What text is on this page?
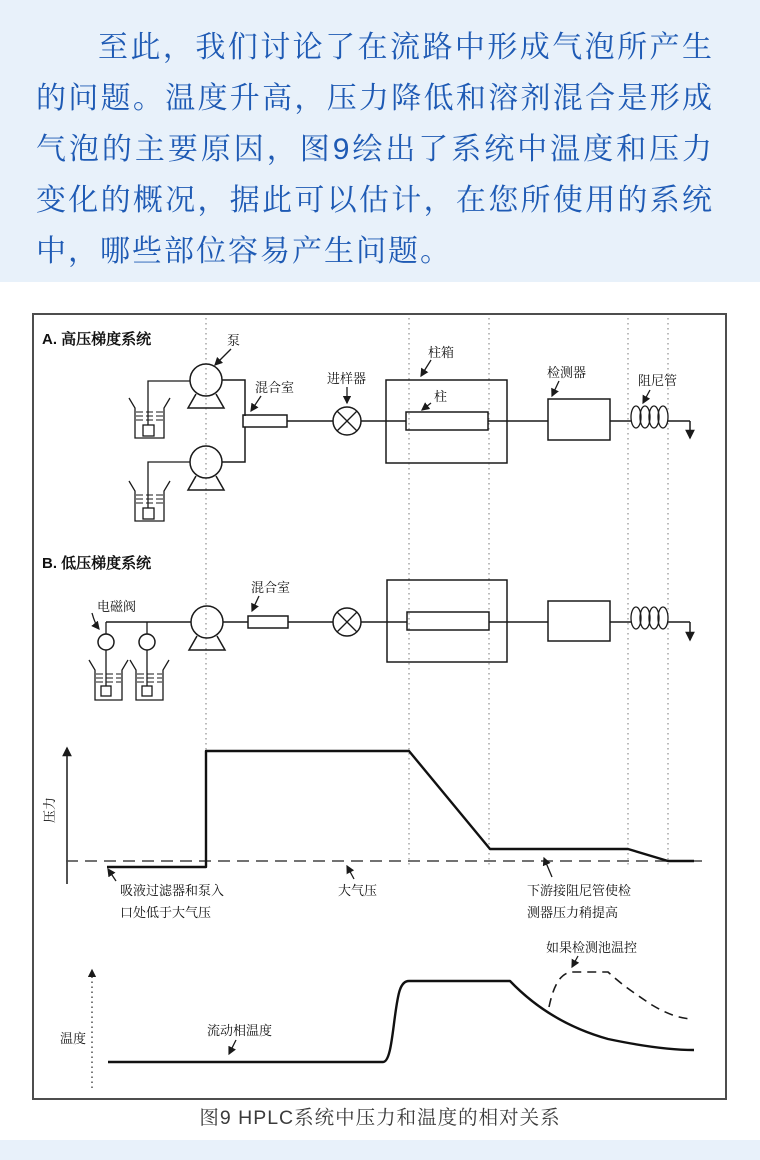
至此，我们讨论了在流路中形成气泡所产生的问题。温度升高，压力降低和溶剂混合是形成气泡的主要原因，图9绘出了系统中温度和压力变化的概况，据此可以估计，在您所使用的系统中，哪些部位容易产生问题。
A. 高压梯度系统	泵
混合室
进样器
柱箱
柱
检测器
阻尼管
B. 低压梯度系统
电磁阀
混合室
压力
吸液过滤器和泵入
口处低于大气压
大气压	下游接阻尼管使检
测器压力稍提高
温度
流动相温度
如果检测池温控
图9 HPLC系统中压力和温度的相对关系
